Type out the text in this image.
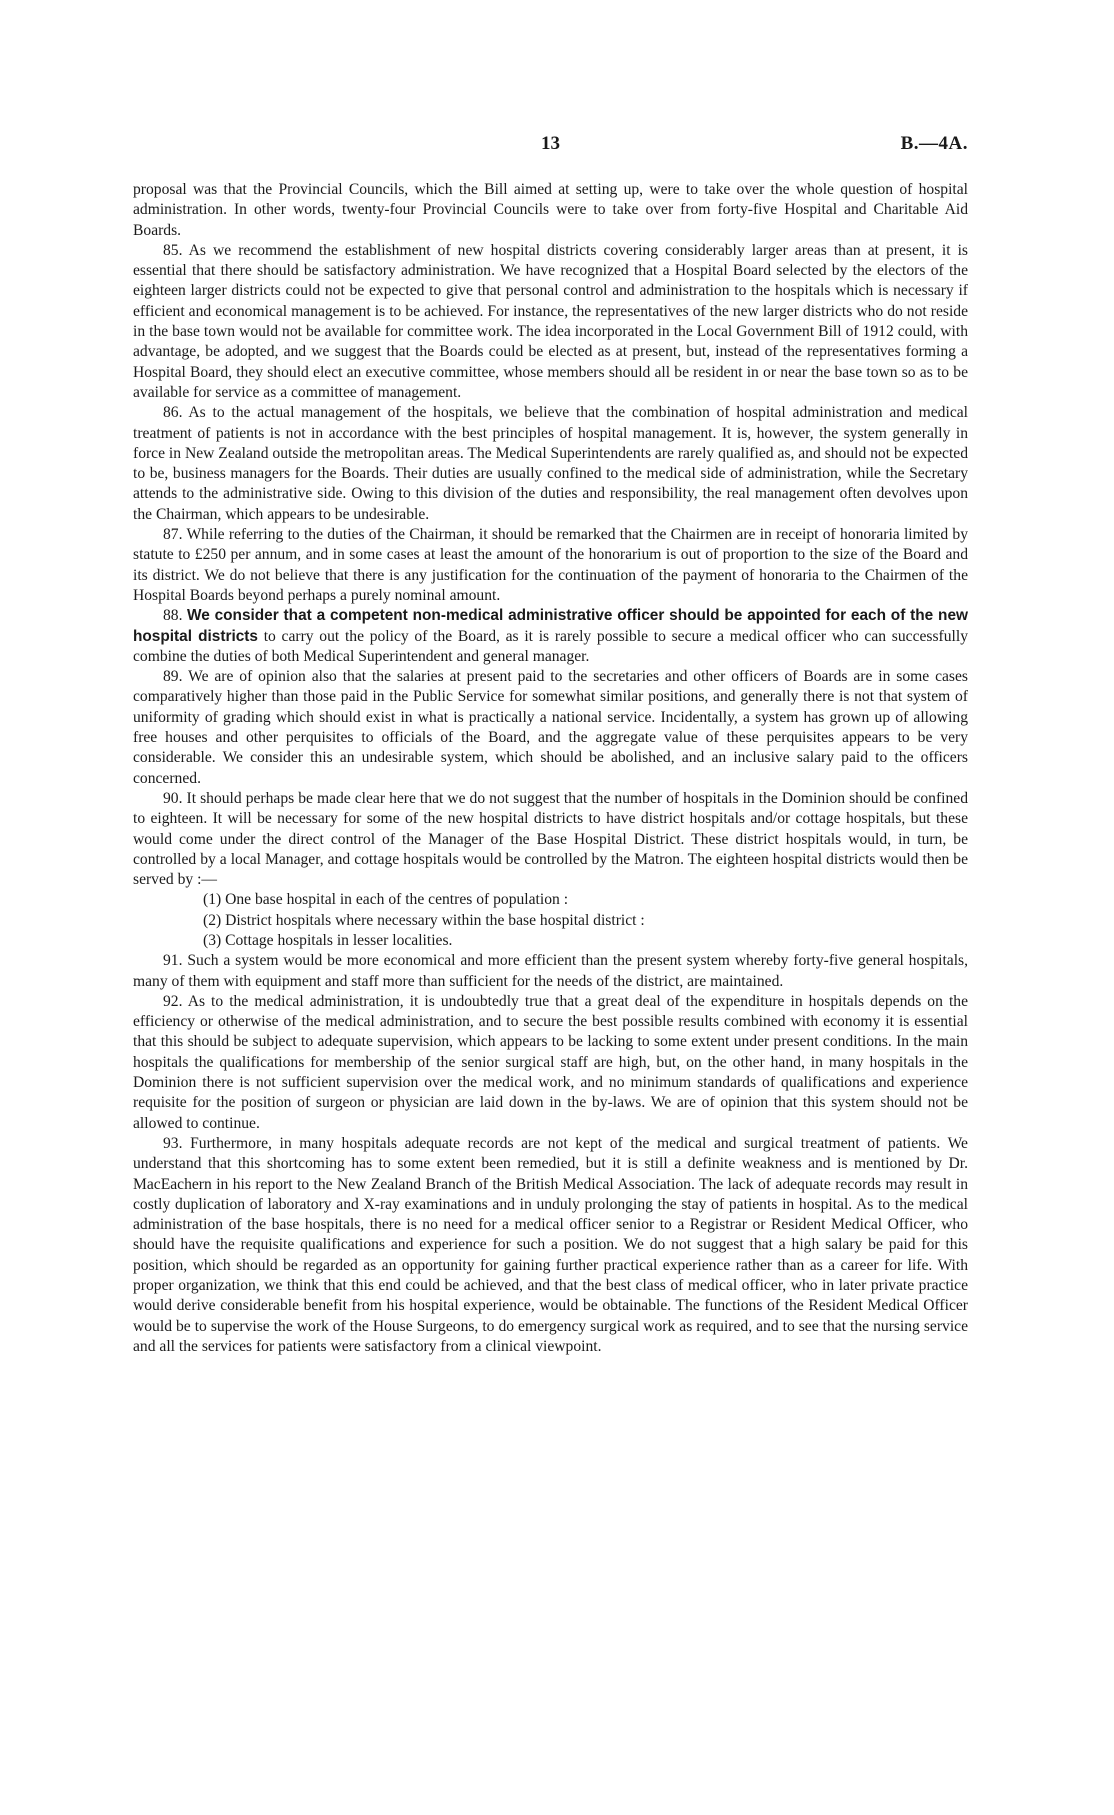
13	B.—4A.

proposal was that the Provincial Councils, which the Bill aimed at setting up, were to take over the whole question of hospital administration. In other words, twenty-four Provincial Councils were to take over from forty-five Hospital and Charitable Aid Boards.

85. As we recommend the establishment of new hospital districts covering considerably larger areas than at present, it is essential that there should be satisfactory administration. We have recognized that a Hospital Board selected by the electors of the eighteen larger districts could not be expected to give that personal control and administration to the hospitals which is necessary if efficient and economical management is to be achieved. For instance, the representatives of the new larger districts who do not reside in the base town would not be available for committee work. The idea incorporated in the Local Government Bill of 1912 could, with advantage, be adopted, and we suggest that the Boards could be elected as at present, but, instead of the representatives forming a Hospital Board, they should elect an executive committee, whose members should all be resident in or near the base town so as to be available for service as a committee of management.

86. As to the actual management of the hospitals, we believe that the combination of hospital administration and medical treatment of patients is not in accordance with the best principles of hospital management. It is, however, the system generally in force in New Zealand outside the metropolitan areas. The Medical Superintendents are rarely qualified as, and should not be expected to be, business managers for the Boards. Their duties are usually confined to the medical side of administration, while the Secretary attends to the administrative side. Owing to this division of the duties and responsibility, the real management often devolves upon the Chairman, which appears to be undesirable.

87. While referring to the duties of the Chairman, it should be remarked that the Chairmen are in receipt of honoraria limited by statute to £250 per annum, and in some cases at least the amount of the honorarium is out of proportion to the size of the Board and its district. We do not believe that there is any justification for the continuation of the payment of honoraria to the Chairmen of the Hospital Boards beyond perhaps a purely nominal amount.

88. We consider that a competent non-medical administrative officer should be appointed for each of the new hospital districts to carry out the policy of the Board, as it is rarely possible to secure a medical officer who can successfully combine the duties of both Medical Superintendent and general manager.

89. We are of opinion also that the salaries at present paid to the secretaries and other officers of Boards are in some cases comparatively higher than those paid in the Public Service for somewhat similar positions, and generally there is not that system of uniformity of grading which should exist in what is practically a national service. Incidentally, a system has grown up of allowing free houses and other perquisites to officials of the Board, and the aggregate value of these perquisites appears to be very considerable. We consider this an undesirable system, which should be abolished, and an inclusive salary paid to the officers concerned.

90. It should perhaps be made clear here that we do not suggest that the number of hospitals in the Dominion should be confined to eighteen. It will be necessary for some of the new hospital districts to have district hospitals and/or cottage hospitals, but these would come under the direct control of the Manager of the Base Hospital District. These district hospitals would, in turn, be controlled by a local Manager, and cottage hospitals would be controlled by the Matron. The eighteen hospital districts would then be served by :—

(1) One base hospital in each of the centres of population :

(2) District hospitals where necessary within the base hospital district :

(3) Cottage hospitals in lesser localities.

91. Such a system would be more economical and more efficient than the present system whereby forty-five general hospitals, many of them with equipment and staff more than sufficient for the needs of the district, are maintained.

92. As to the medical administration, it is undoubtedly true that a great deal of the expenditure in hospitals depends on the efficiency or otherwise of the medical administration, and to secure the best possible results combined with economy it is essential that this should be subject to adequate supervision, which appears to be lacking to some extent under present conditions. In the main hospitals the qualifications for membership of the senior surgical staff are high, but, on the other hand, in many hospitals in the Dominion there is not sufficient supervision over the medical work, and no minimum standards of qualifications and experience requisite for the position of surgeon or physician are laid down in the by-laws. We are of opinion that this system should not be allowed to continue.

93. Furthermore, in many hospitals adequate records are not kept of the medical and surgical treatment of patients. We understand that this shortcoming has to some extent been remedied, but it is still a definite weakness and is mentioned by Dr. MacEachern in his report to the New Zealand Branch of the British Medical Association. The lack of adequate records may result in costly duplication of laboratory and X-ray examinations and in unduly prolonging the stay of patients in hospital. As to the medical administration of the base hospitals, there is no need for a medical officer senior to a Registrar or Resident Medical Officer, who should have the requisite qualifications and experience for such a position. We do not suggest that a high salary be paid for this position, which should be regarded as an opportunity for gaining further practical experience rather than as a career for life. With proper organization, we think that this end could be achieved, and that the best class of medical officer, who in later private practice would derive considerable benefit from his hospital experience, would be obtainable. The functions of the Resident Medical Officer would be to supervise the work of the House Surgeons, to do emergency surgical work as required, and to see that the nursing service and all the services for patients were satisfactory from a clinical viewpoint.
